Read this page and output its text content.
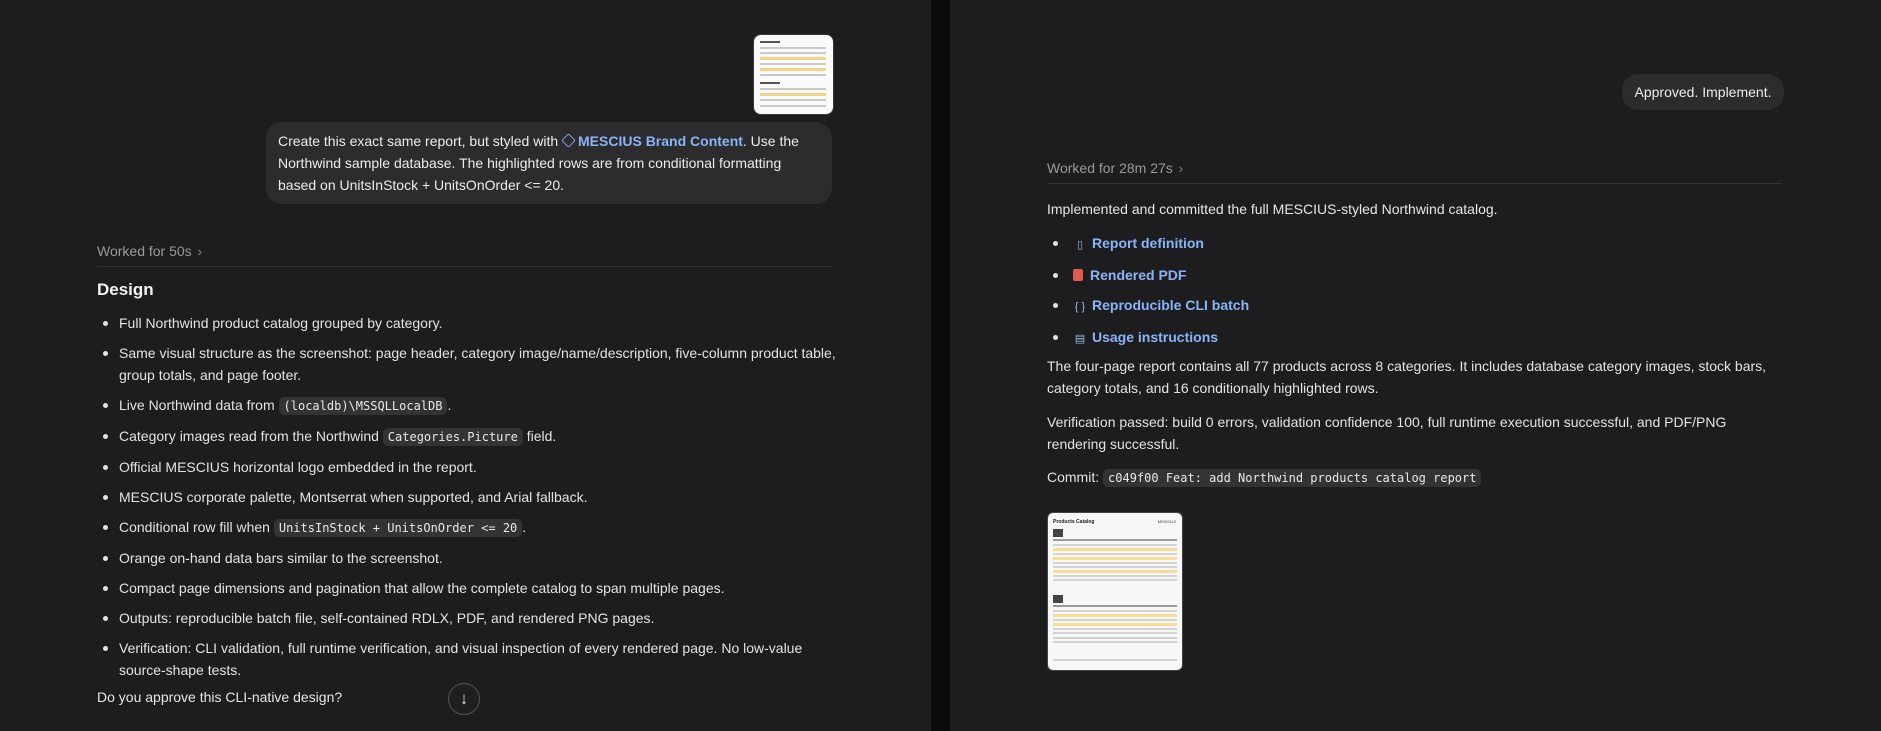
Create this exact same report, but styled with MESCIUS Brand Content. Use the Northwind sample database. The highlighted rows are from conditional formatting based on UnitsInStock + UnitsOnOrder <= 20.
Worked for 50s ›
Design
Full Northwind product catalog grouped by category.
Same visual structure as the screenshot: page header, category image/name/description, five-column product table, group totals, and page footer.
Live Northwind data from (localdb)\MSSQLLocalDB .
Category images read from the Northwind Categories.Picture field.
Official MESCIUS horizontal logo embedded in the report.
MESCIUS corporate palette, Montserrat when supported, and Arial fallback.
Conditional row fill when UnitsInStock + UnitsOnOrder <= 20 .
Orange on-hand data bars similar to the screenshot.
Compact page dimensions and pagination that allow the complete catalog to span multiple pages.
Outputs: reproducible batch file, self-contained RDLX, PDF, and rendered PNG pages.
Verification: CLI validation, full runtime verification, and visual inspection of every rendered page. No low-value source-shape tests.
Do you approve this CLI-native design?	↓
Approved. Implement.
Worked for 28m 27s ›
Implemented and committed the full MESCIUS-styled Northwind catalog.
▯ Report definition
Rendered PDF
{ } Reproducible CLI batch
▤ Usage instructions

The four-page report contains all 77 products across 8 categories. It includes database category images, stock bars, category totals, and 16 conditionally highlighted rows.

Verification passed: build 0 errors, validation confidence 100, full runtime execution successful, and PDF/PNG rendering successful.

Commit: c049f00 Feat: add Northwind products catalog report
Products Catalog	MESCIUS
